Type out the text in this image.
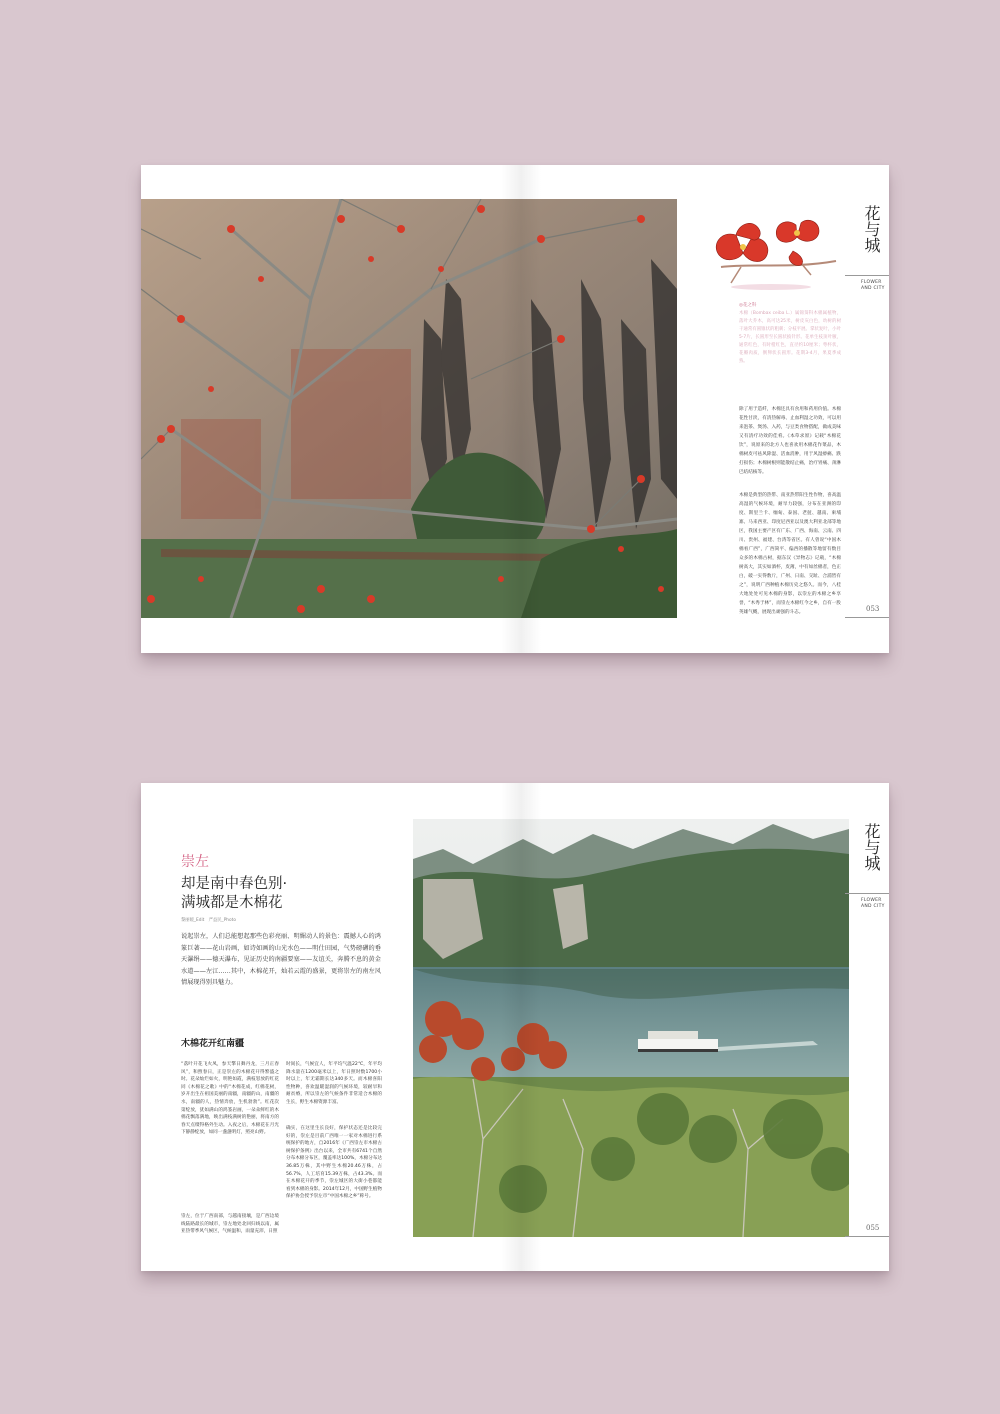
花与城
FLOWER AND CITY
◎花之科
木棉（Bombax ceiba L.）属锦葵科木棉属植物，落叶大乔木，高可达25米，树皮灰白色，幼树的树干通常有圆锥状的粗刺；分枝平展。掌状复叶，小叶5-7片，长圆形至长圆状披针形。花单生枝顶叶腋，通常红色，有时橙红色，直径约10厘米；萼杯状，花瓣肉质，倒卵状长圆形。花期3-4月，果夏季成熟。
除了用于造纤，木棉还具有食用和药用价值。木棉花性甘淡，有清热解毒、止血利湿之功效，可以用来泡茶、煲汤、入药，与豆类食物搭配，做成美味又有清疗功效的佳肴。《本草求原》记载“木棉花饮”，说原来的北方人也喜欢用木棉花作菜品，木棉树皮可祛风除湿、活血消肿，用于风湿痹痛、跌打损伤；木棉树根则能散结止痛，治疗胃痛、颈淋巴结结核等。
木棉是典型的热带、南亚热带阳生性作物，喜高温高湿的气候环境，耐旱力较强，分布在亚洲的印度、斯里兰卡、缅甸、泰国、老挝、越南、柬埔寨、马来西亚、印度尼西亚以及澳大利亚北部等地区，我国主要产区有广东、广西、海南、云南、四川、贵州、福建、台湾等省区。有人曾说“中国木棉看广西”，广西简平、偏西的播散等地留有数目众多的木棉古树，据东汉《异物志》记载，“木棉树高大，其实如酒杯，皮薄，中有如丝棉者，色正白，破一实得数斤，广州、日南、交趾、合浦皆有之”，说明广西种植木棉历史之悠久。而今，八桂大地处处可见木棉的身影，以崇左的木棉之乡享誉，“木秀于林”，而崇左木棉红今之乡，自有一股英雄气概，展现出顽强的斗志。	053
崇左
却是南中春色别·
满城都是木棉花
黎丽媛_Edit　严益民_Photo
说起崇左，人们总能想起那些色彩亮丽、明媚动人的景色：震撼人心的鸿篆巨著——花山岩画，如诗如画的山光水色——明仕田园，气势磅礴的垂天瀑绢——德天瀑布，见证历史的南疆要塞——友谊关，奔腾不息的黄金水道——左江……其中，木棉花开，灿若云霞的盛景，更将崇左的南左风情展现得别具魅力。
木棉花开红南疆
“落叶开花飞火凤，参天擎日舞丹龙，三月正春风”，和煦春日，正是崇左的木棉花开得繁盛之时。花朵灿烂如火，明艳如霞，满枝怒放的红花同《木棉花之歌》中的“木棉花成，红棉花树，岁开出生在祖国美丽的南疆，南疆的山，南疆的水，南疆的人，热情奔放，生机勃勃”。红花次第绽放，犹如满山的鸿篆岩画，一朵朵鲜红的木棉花飘落满地，映出满枝满树的艳丽，将南方的春天点缀得格外生动。入夜之后，木棉花在月光下静静绽放，如同一盏盏明灯，照亮山野。
崇左，位于广西南部，与越南接壤，是广西边境线陆路最长的城市，崇左地处北回归线以南，属亚热带季风气候区，气候温和，雨量充沛，日照
时间长，气候宜人，年平均气温22℃，年平均降水量在1200毫米以上，年日照时数1700小时以上，年无霜期长达340多天。而木棉喜阳性物种，喜欢温暖湿润的气候环境，较耐旱和耐贫瘠，所以崇左的气候条件非常适合木棉的生长，野生木棉资源丰富。
确实，在这里生长良好，保护状态还是比较完好的，崇左是目前广西唯一一家对木棉进行系统保护的地方，自2016年《广西崇左市木棉古树保护条例》出台以来，全市共有6741个自然分布木棉分布区，覆盖率达100%，木棉分布达36.85万株，其中野生木棉20.46万株，占56.7%，人工培育15.39万株，占43.3%。而在木棉花开的季节，崇左城区的大街小巷都能看到木棉的身影。2014年12月，中国野生植物保护协会授予崇左市“中国木棉之乡”称号。
花与城
FLOWER AND CITY
055
